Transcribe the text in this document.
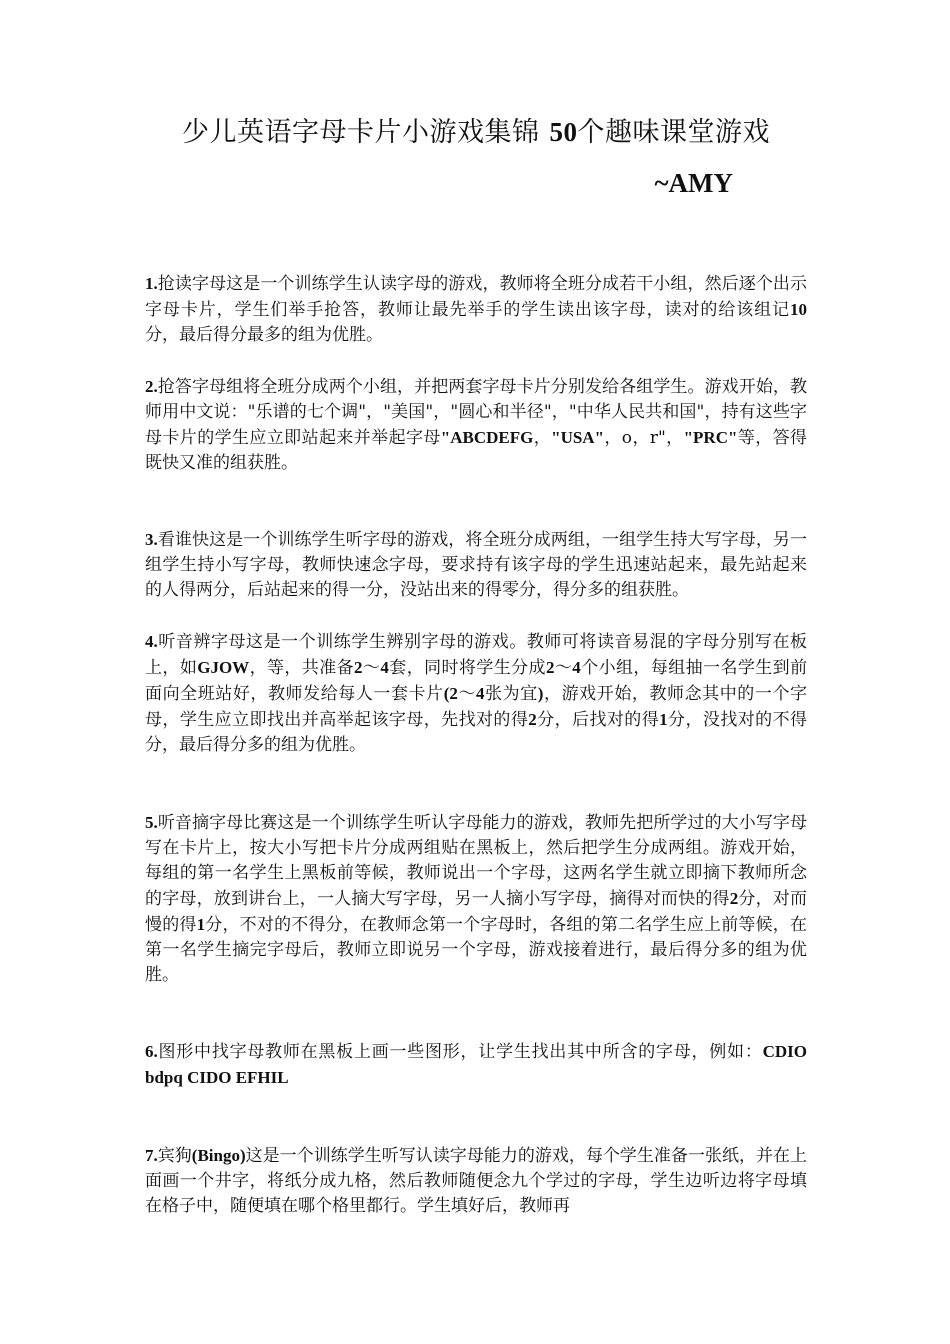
少儿英语字母卡片小游戏集锦 50个趣味课堂游戏
~AMY

1.抢读字母这是一个训练学生认读字母的游戏，教师将全班分成若干小组，然后逐个出示字母卡片，学生们举手抢答，教师让最先举手的学生读出该字母，读对的给该组记10分，最后得分最多的组为优胜。

2.抢答字母组将全班分成两个小组，并把两套字母卡片分别发给各组学生。游戏开始，教师用中文说："乐谱的七个调"，"美国"，"圆心和半径"，"中华人民共和国"，持有这些字母卡片的学生应立即站起来并举起字母"ABCDEFG，"USA"，o，r"，"PRC"等，答得既快又准的组获胜。

3.看谁快这是一个训练学生听字母的游戏，将全班分成两组，一组学生持大写字母，另一组学生持小写字母，教师快速念字母，要求持有该字母的学生迅速站起来，最先站起来的人得两分，后站起来的得一分，没站出来的得零分，得分多的组获胜。

4.听音辨字母这是一个训练学生辨别字母的游戏。教师可将读音易混的字母分别写在板上，如GJOW，等，共准备2～4套，同时将学生分成2～4个小组，每组抽一名学生到前面向全班站好，教师发给每人一套卡片(2～4张为宜)，游戏开始，教师念其中的一个字母，学生应立即找出并高举起该字母，先找对的得2分，后找对的得1分，没找对的不得分，最后得分多的组为优胜。

5.听音摘字母比赛这是一个训练学生听认字母能力的游戏，教师先把所学过的大小写字母写在卡片上，按大小写把卡片分成两组贴在黑板上，然后把学生分成两组。游戏开始，每组的第一名学生上黑板前等候，教师说出一个字母，这两名学生就立即摘下教师所念的字母，放到讲台上，一人摘大写字母，另一人摘小写字母，摘得对而快的得2分，对而慢的得1分，不对的不得分，在教师念第一个字母时，各组的第二名学生应上前等候，在第一名学生摘完字母后，教师立即说另一个字母，游戏接着进行，最后得分多的组为优胜。

6.图形中找字母教师在黑板上画一些图形，让学生找出其中所含的字母，例如：CDIO bdpq CIDO EFHIL

7.宾狗(Bingo)这是一个训练学生听写认读字母能力的游戏，每个学生准备一张纸，并在上面画一个井字，将纸分成九格，然后教师随便念九个学过的字母，学生边听边将字母填在格子中，随便填在哪个格里都行。学生填好后，教师再
